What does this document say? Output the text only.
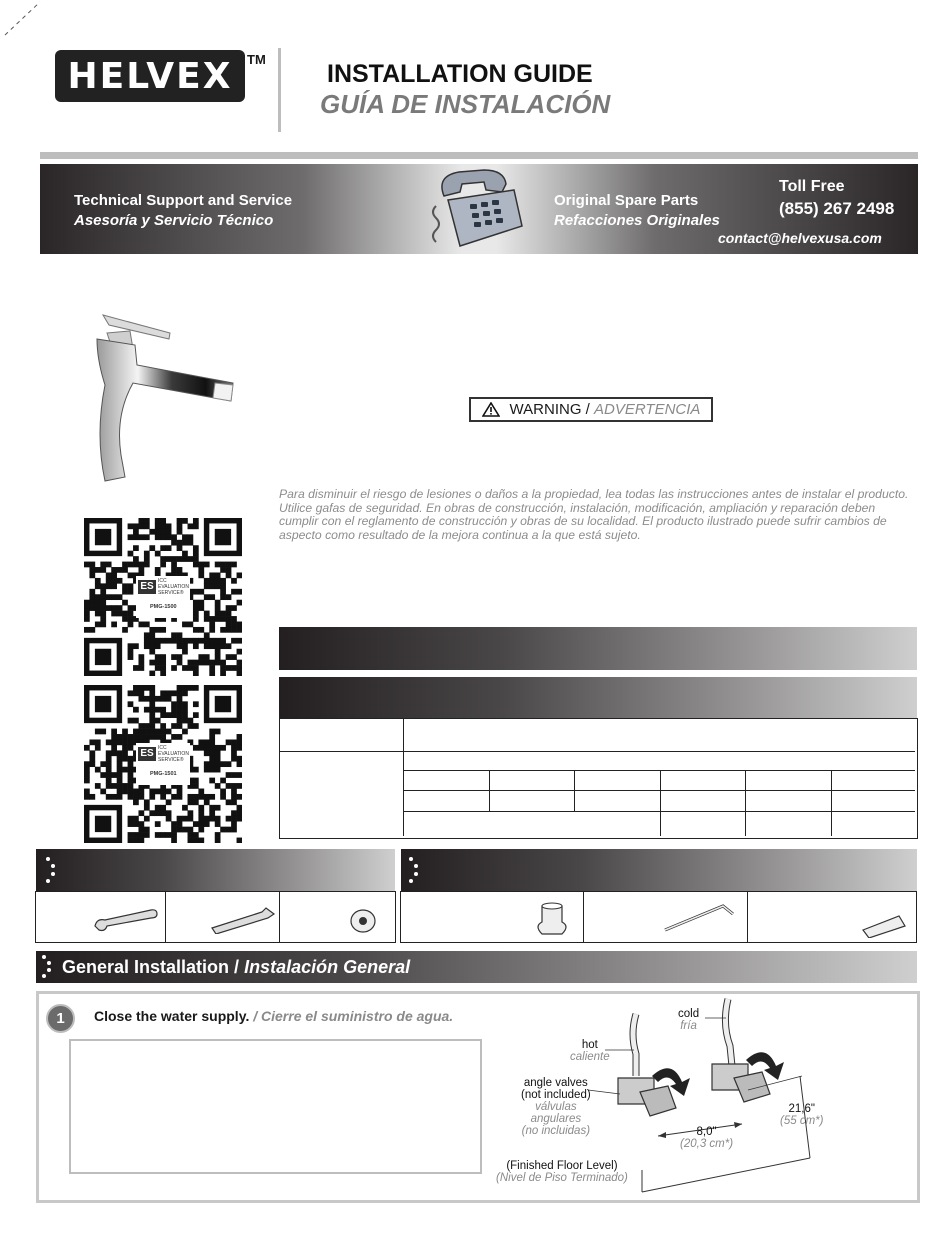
HELVEX TM
INSTALLATION GUIDE
GUÍA DE INSTALACIÓN
Technical Support and Service
Asesoría y Servicio Técnico
Original Spare Parts
Refacciones Originales
Toll Free
(855) 267 2498
contact@helvexusa.com
WARNING
/
ADVERTENCIA
Para disminuir el riesgo de lesiones o daños a la propiedad, lea todas las instrucciones antes de instalar el producto. Utilice gafas de seguridad. En obras de construcción, instalación, modificación, ampliación y reparación deben cumplir con el reglamento de construcción y obras de su localidad. El producto ilustrado puede sufrir cambios de aspecto como resultado de la mejora continua a la que está sujeto.
ES ICC
EVALUATION
SERVICE®
PMG-1500
ES ICC
EVALUATION
SERVICE®
PMG-1501
General Installation / Instalación General
1	Close the water supply. / Cierre el suministro de agua.	cold
fría
hot
caliente
angle valves
(not included)
válvulas
angulares
(no incluidas)	8,0"
(20,3 cm*)
21,6"
(55 cm*)
(Finished Floor Level)
(Nivel de Piso Terminado)
